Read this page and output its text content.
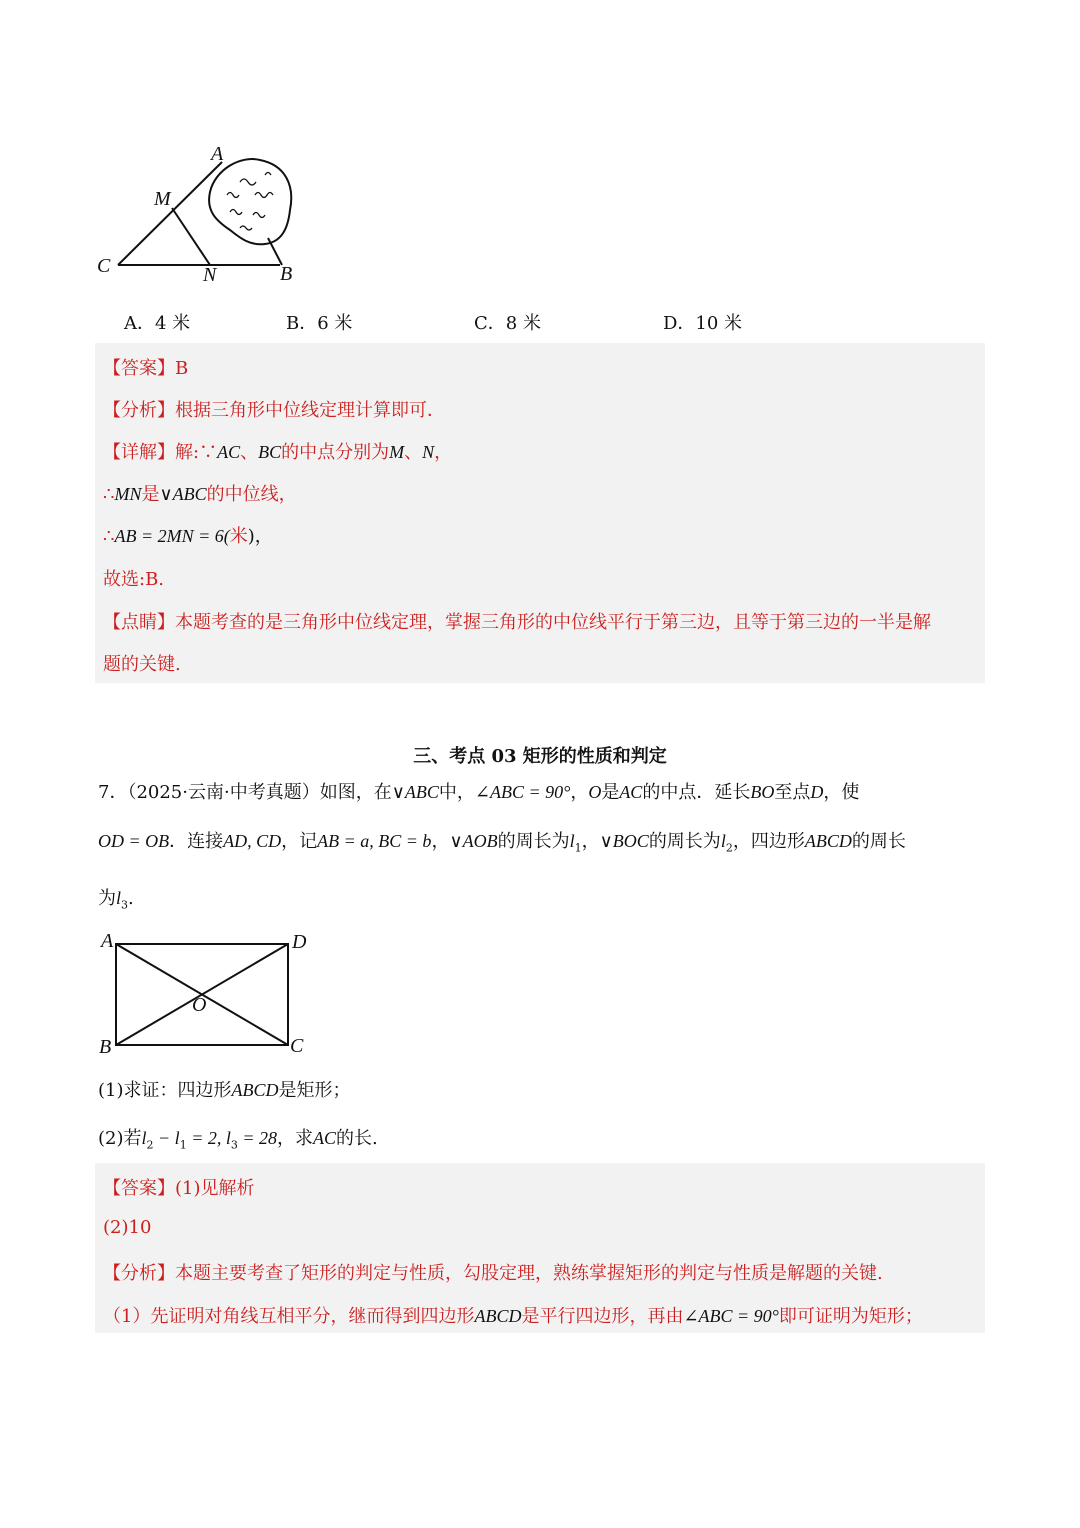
A
M
C	N	B
A．4 米	B．6 米	C．8 米	D．10 米
【答案】B
【分析】根据三角形中位线定理计算即可．
【详解】解:∵AC、BC的中点分别为M、N，
∴MN是∨ABC的中位线，
∴AB = 2MN = 6(米)，
故选:B.
【点睛】本题考查的是三角形中位线定理，掌握三角形的中位线平行于第三边，且等于第三边的一半是解
题的关键.
三、考点 03 矩形的性质和判定
7．（2025·云南·中考真题）如图，在∨ABC中，∠ABC = 90°，O是AC的中点．延长BO至点D，使
OD = OB．连接AD, CD，记AB = a, BC = b，∨AOB的周长为$l_1$，∨BOC的周长为$l_2$，四边形ABCD的周长
为$l_3$.
A	D
O
B	C
(1)求证：四边形ABCD是矩形；
(2)若$l_2 - l_1 = 2$, $l_3 = 28$，求AC的长.
【答案】(1)见解析
(2)10
【分析】本题主要考查了矩形的判定与性质，勾股定理，熟练掌握矩形的判定与性质是解题的关键.
（1）先证明对角线互相平分，继而得到四边形ABCD是平行四边形，再由∠ABC = 90°即可证明为矩形；
